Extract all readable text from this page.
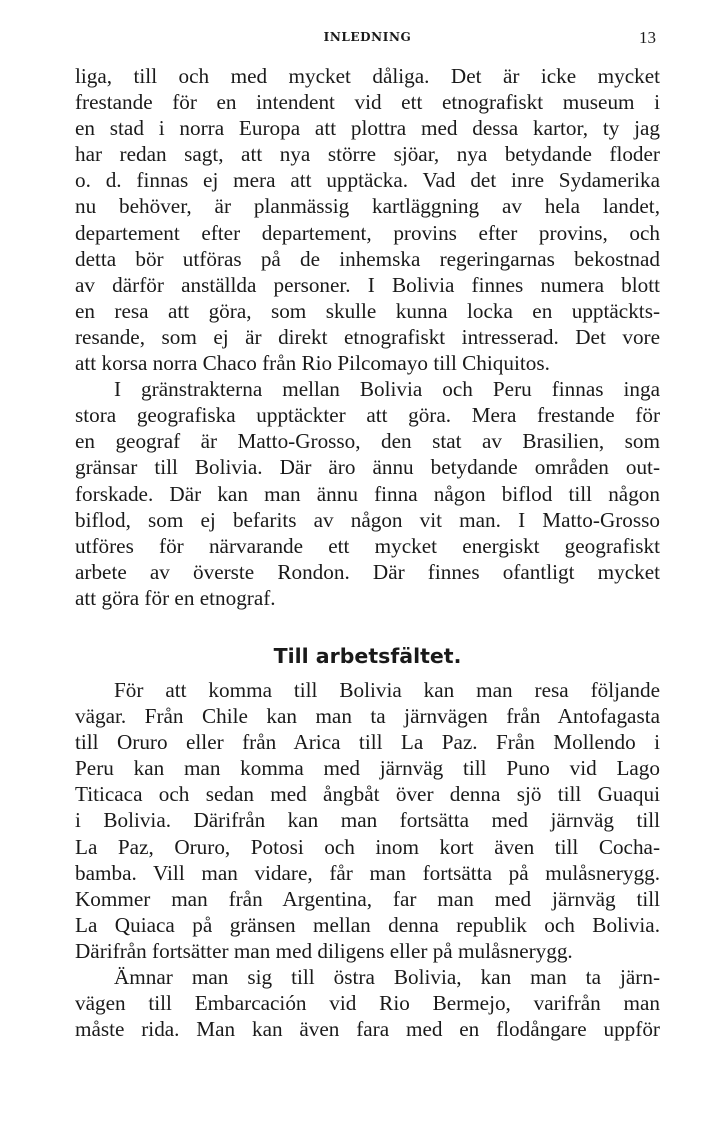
INLEDNING	13
liga, till och med mycket dåliga. Det är icke mycket
frestande för en intendent vid ett etnografiskt museum i
en stad i norra Europa att plottra med dessa kartor, ty jag
har redan sagt, att nya större sjöar, nya betydande floder
o. d. finnas ej mera att upptäcka. Vad det inre Sydamerika
nu behöver, är planmässig kartläggning av hela landet,
departement efter departement, provins efter provins, och
detta bör utföras på de inhemska regeringarnas bekostnad
av därför anställda personer. I Bolivia finnes numera blott
en resa att göra, som skulle kunna locka en upptäckts-
resande, som ej är direkt etnografiskt intresserad. Det vore
att korsa norra Chaco från Rio Pilcomayo till Chiquitos.
I gränstrakterna mellan Bolivia och Peru finnas inga
stora geografiska upptäckter att göra. Mera frestande för
en geograf är Matto-Grosso, den stat av Brasilien, som
gränsar till Bolivia. Där äro ännu betydande områden out-
forskade. Där kan man ännu finna någon biflod till någon
biflod, som ej befarits av någon vit man. I Matto-Grosso
utföres för närvarande ett mycket energiskt geografiskt
arbete av överste Rondon. Där finnes ofantligt mycket
att göra för en etnograf.
Till arbetsfältet.
För att komma till Bolivia kan man resa följande
vägar. Från Chile kan man ta järnvägen från Antofagasta
till Oruro eller från Arica till La Paz. Från Mollendo i
Peru kan man komma med järnväg till Puno vid Lago
Titicaca och sedan med ångbåt över denna sjö till Guaqui
i Bolivia. Därifrån kan man fortsätta med järnväg till
La Paz, Oruro, Potosi och inom kort även till Cocha-
bamba. Vill man vidare, får man fortsätta på mulåsnerygg.
Kommer man från Argentina, far man med järnväg till
La Quiaca på gränsen mellan denna republik och Bolivia.
Därifrån fortsätter man med diligens eller på mulåsnerygg.
Ämnar man sig till östra Bolivia, kan man ta järn-
vägen till Embarcación vid Rio Bermejo, varifrån man
måste rida. Man kan även fara med en flodångare uppför
